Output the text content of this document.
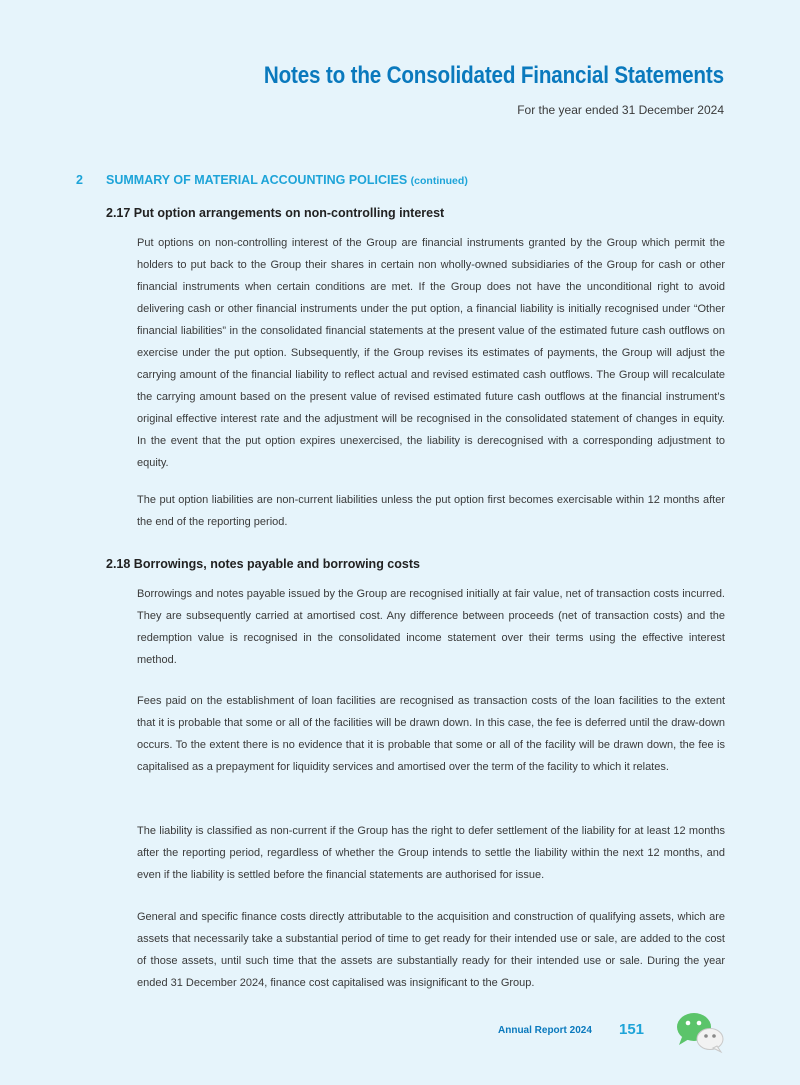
Notes to the Consolidated Financial Statements
For the year ended 31 December 2024
2 SUMMARY OF MATERIAL ACCOUNTING POLICIES (continued)
2.17 Put option arrangements on non-controlling interest

Put options on non-controlling interest of the Group are financial instruments granted by the Group which permit the holders to put back to the Group their shares in certain non wholly-owned subsidiaries of the Group for cash or other financial instruments when certain conditions are met. If the Group does not have the unconditional right to avoid delivering cash or other financial instruments under the put option, a financial liability is initially recognised under “Other financial liabilities” in the consolidated financial statements at the present value of the estimated future cash outflows on exercise under the put option. Subsequently, if the Group revises its estimates of payments, the Group will adjust the carrying amount of the financial liability to reflect actual and revised estimated cash outflows. The Group will recalculate the carrying amount based on the present value of revised estimated future cash outflows at the financial instrument’s original effective interest rate and the adjustment will be recognised in the consolidated statement of changes in equity. In the event that the put option expires unexercised, the liability is derecognised with a corresponding adjustment to equity.

The put option liabilities are non-current liabilities unless the put option first becomes exercisable within 12 months after the end of the reporting period.

2.18 Borrowings, notes payable and borrowing costs

Borrowings and notes payable issued by the Group are recognised initially at fair value, net of transaction costs incurred. They are subsequently carried at amortised cost. Any difference between proceeds (net of transaction costs) and the redemption value is recognised in the consolidated income statement over their terms using the effective interest method.

Fees paid on the establishment of loan facilities are recognised as transaction costs of the loan facilities to the extent that it is probable that some or all of the facilities will be drawn down. In this case, the fee is deferred until the draw-down occurs. To the extent there is no evidence that it is probable that some or all of the facility will be drawn down, the fee is capitalised as a prepayment for liquidity services and amortised over the term of the facility to which it relates.

The liability is classified as non-current if the Group has the right to defer settlement of the liability for at least 12 months after the reporting period, regardless of whether the Group intends to settle the liability within the next 12 months, and even if the liability is settled before the financial statements are authorised for issue.

General and specific finance costs directly attributable to the acquisition and construction of qualifying assets, which are assets that necessarily take a substantial period of time to get ready for their intended use or sale, are added to the cost of those assets, until such time that the assets are substantially ready for their intended use or sale. During the year ended 31 December 2024, finance cost capitalised was insignificant to the Group.

Annual Report 2024 151
